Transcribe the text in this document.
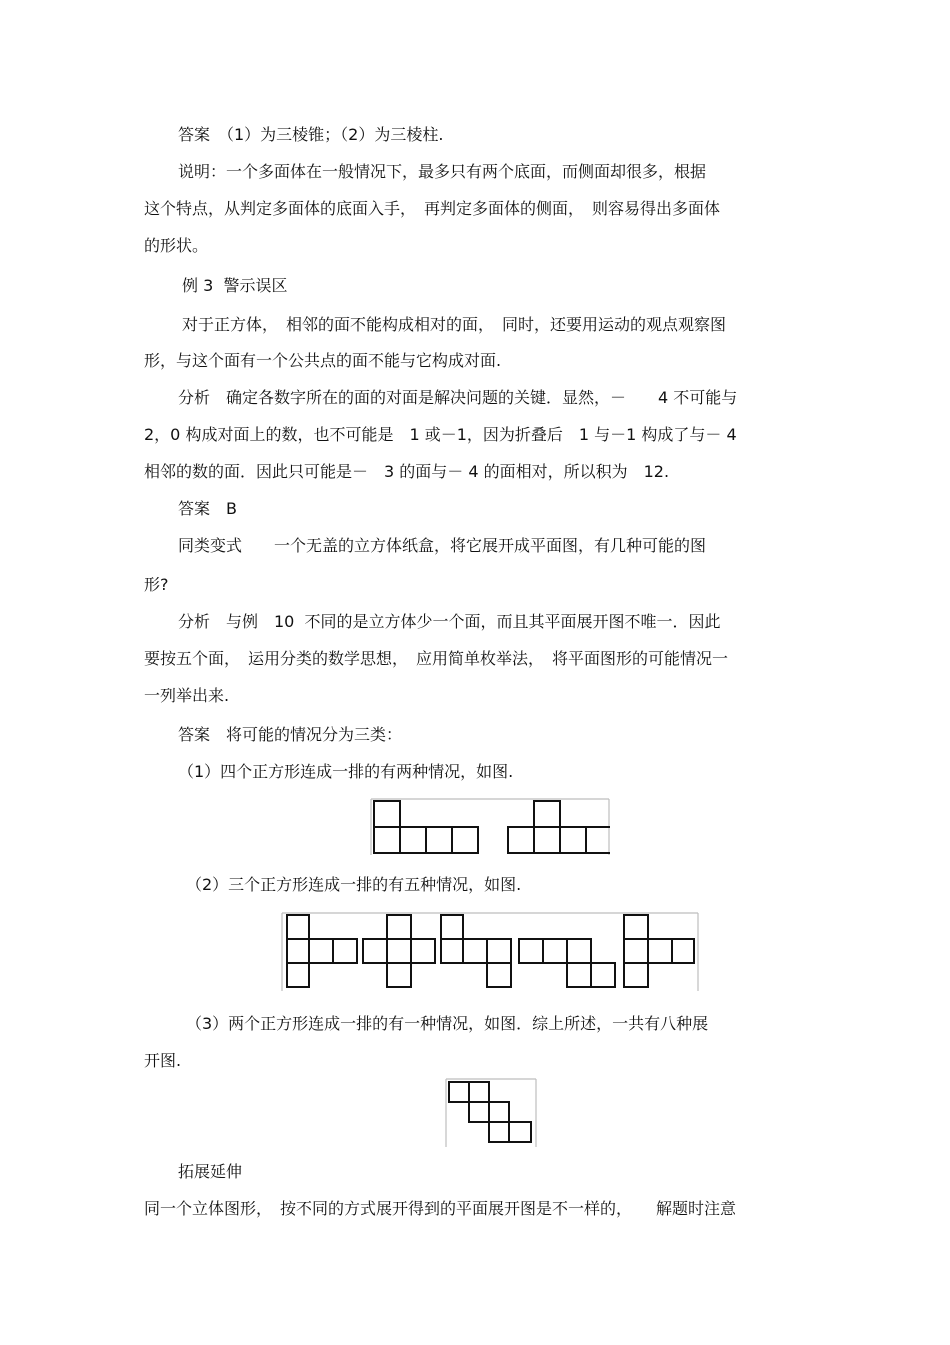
答案　（1）为三棱锥；（2）为三棱柱.
说明：一个多面体在一般情况下，最多只有两个底面，而侧面却很多，根据
这个特点，从判定多面体的底面入手，　再判定多面体的侧面，　则容易得出多面体
的形状。
例 3  警示误区
对于正方体，　相邻的面不能构成相对的面，　同时，还要用运动的观点观察图
形，与这个面有一个公共点的面不能与它构成对面.
分析　确定各数字所在的面的对面是解决问题的关键．显然，－　　4 不可能与
2，0 构成对面上的数，也不可能是　1 或－1，因为折叠后　1 与－1 构成了与－ 4
相邻的数的面．因此只可能是－　3 的面与－ 4 的面相对，所以积为　12.
答案　B
同类变式　　一个无盖的立方体纸盒，将它展开成平面图，有几种可能的图
形?
分析　与例　10  不同的是立方体少一个面，而且其平面展开图不唯一．因此
要按五个面，　运用分类的数学思想，　应用简单枚举法，　将平面图形的可能情况一
一列举出来.
答案　将可能的情况分为三类：
（1）四个正方形连成一排的有两种情况，如图.
（2）三个正方形连成一排的有五种情况，如图.
（3）两个正方形连成一排的有一种情况，如图．综上所述，一共有八种展
开图.
拓展延伸
同一个立体图形，　按不同的方式展开得到的平面展开图是不一样的，　　解题时注意
